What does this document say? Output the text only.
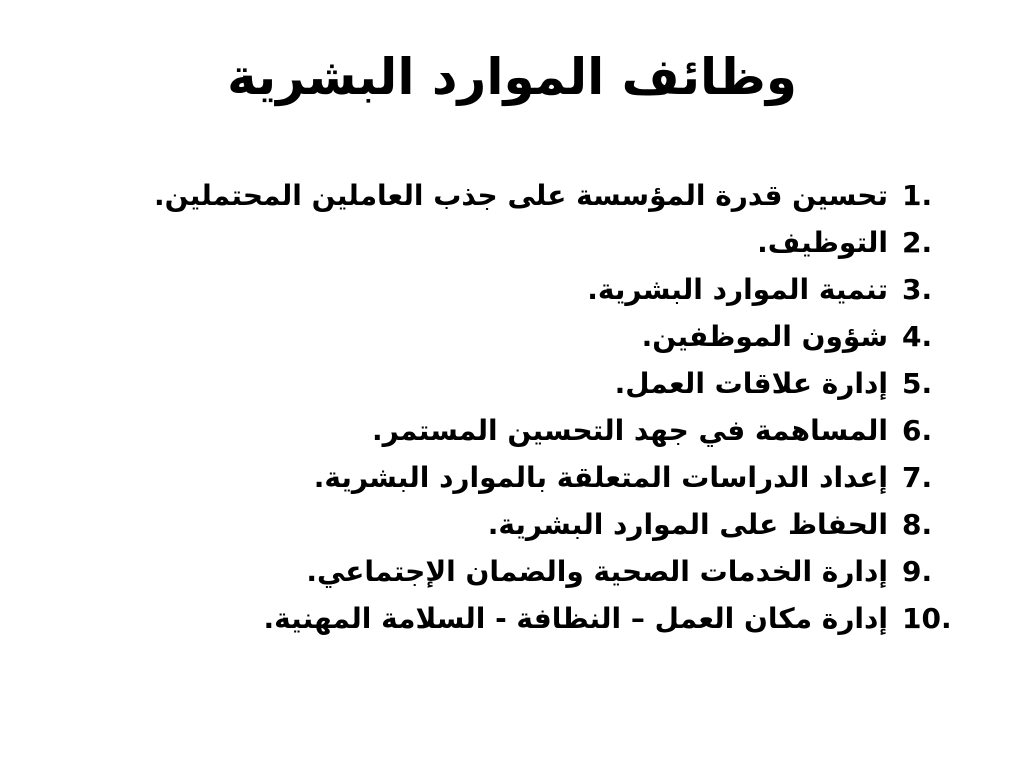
وظائف الموارد البشرية
1.
تحسين قدرة المؤسسة على جذب العاملين المحتملين.
2.
التوظيف.
3.
تنمية الموارد البشرية.
4.
شؤون الموظفين.
5.
إدارة علاقات العمل.
6.
المساهمة في جهد التحسين المستمر.
7.
إعداد الدراسات المتعلقة بالموارد البشرية.
8.
الحفاظ على الموارد البشرية.
9.
إدارة الخدمات الصحية والضمان الإجتماعي.
10.
إدارة مكان العمل – النظافة - السلامة المهنية.
